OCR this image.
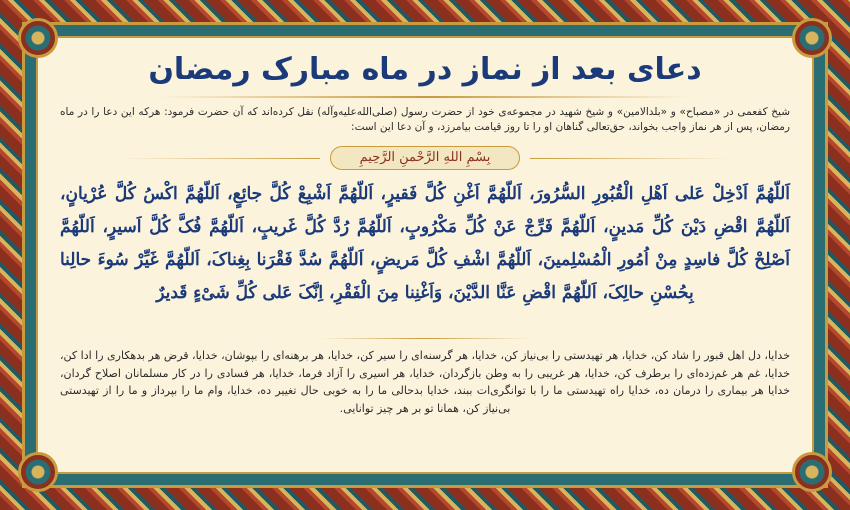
دعای بعد از نماز در ماه مبارک رمضان
شیخ کفعمی در «مصباح» و «بلدالامین» و شیخ شهید در مجموعه‌ی خود از حضرت رسول (صلی‌الله‌علیه‌وآله) نقل کرده‌اند که آن حضرت فرمود: هرکه این دعا را در ماه رمضان، پس از هر نماز واجب بخواند، حق‌تعالی گناهان او را تا روز قیامت بیامرزد، و آن دعا این است:
بِسْمِ اللهِ الرَّحْمنِ الرَّحِيمِ
اَللّهُمَّ اَدْخِلْ عَلى اَهْلِ الْقُبُورِ السُّرُورَ، اَللّهُمَّ اَغْنِ کُلَّ فَقيرٍ، اَللّهُمَّ اَشْبِعْ کُلَّ جائِعٍ، اَللّهُمَّ اکْسُ کُلَّ عُرْيانٍ، اَللّهُمَّ اقْضِ دَيْنَ کُلِّ مَدينٍ، اَللّهُمَّ فَرِّجْ عَنْ کُلِّ مَکْرُوبٍ، اَللّهُمَّ رُدَّ کُلَّ غَريبٍ، اَللّهُمَّ فُکَّ کُلَّ اَسيرٍ، اَللّهُمَّ اَصْلِحْ کُلَّ فاسِدٍ مِنْ اُمُورِ الْمُسْلِمينَ، اَللّهُمَّ اشْفِ کُلَّ مَريضٍ، اَللّهُمَّ سُدَّ فَقْرَنا بِغِناکَ، اَللّهُمَّ غَيِّرْ سُوءَ حالِنا بِحُسْنِ حالِکَ، اَللّهُمَّ اقْضِ عَنَّا الدَّيْنَ، وَاَغْنِنا مِنَ الْفَقْرِ، اِنَّکَ عَلى کُلِّ شَیْءٍ قَديرٌ
خدایا، دل اهل قبور را شاد کن، خدایا، هر تهیدستی را بی‌نیاز کن، خدایا، هر گرسنه‌ای را سیر کن، خدایا، هر برهنه‌ای را بپوشان، خدایا، قرض هر بدهکاری را ادا کن، خدایا، غم هر غم‌زده‌ای را برطرف کن، خدایا، هر غریبی را به وطن بازگردان، خدایا، هر اسیری را آزاد فرما، خدایا، هر فسادی را در کار مسلمانان اصلاح گردان، خدایا هر بیماری را درمان ده، خدایا راه تهیدستی ما را با توانگری‌ات ببند، خدایا بدحالی ما را به خوبی حال تغییر ده، خدایا، وام ما را بپرداز و ما را از تهیدستی بی‌نیاز کن، همانا تو بر هر چیز توانایی.
